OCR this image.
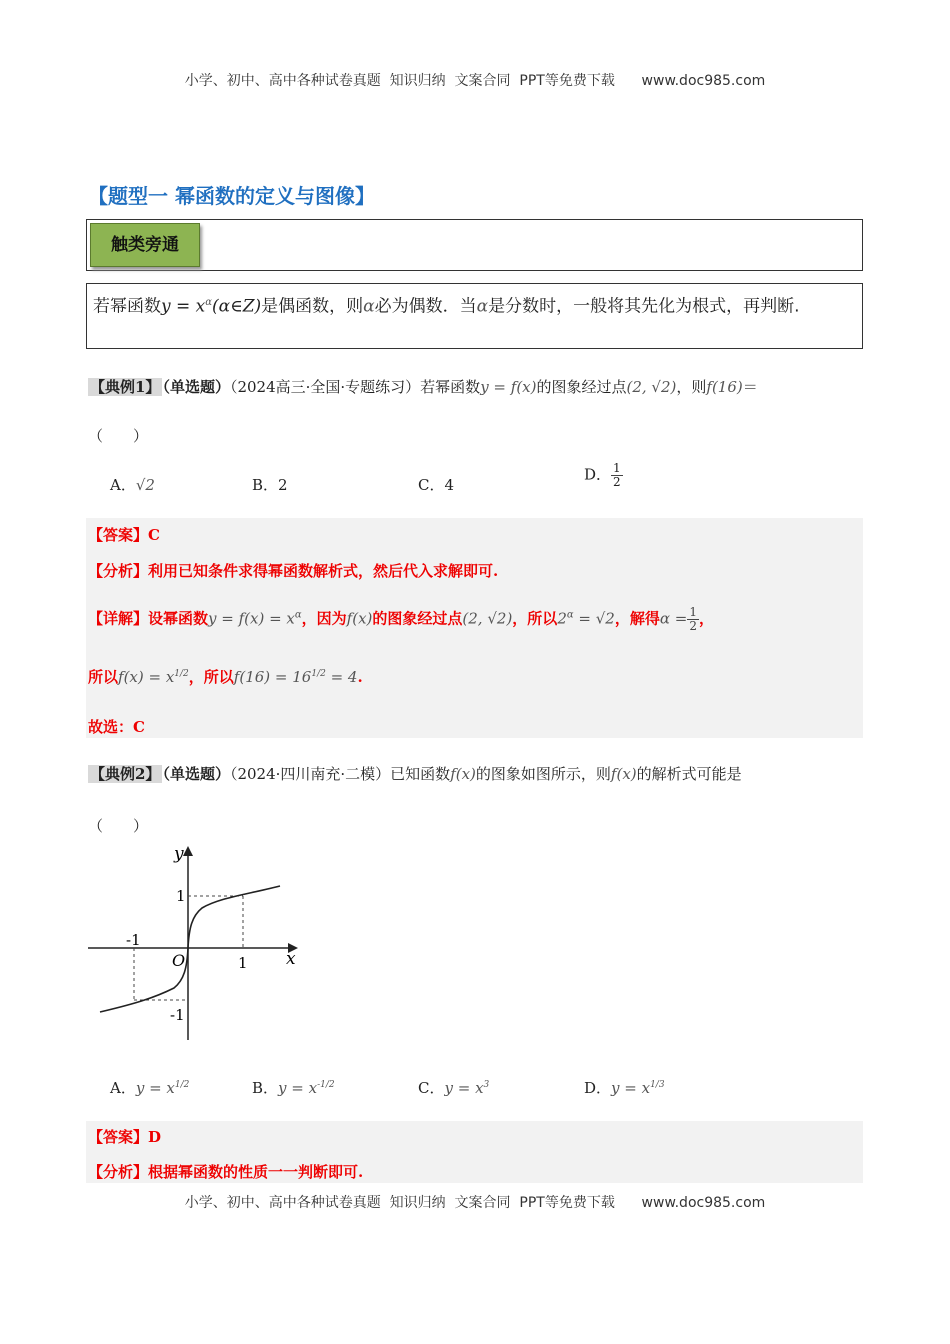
小学、初中、高中各种试卷真题  知识归纳  文案合同  PPT等免费下载      www.doc985.com
【题型一 幂函数的定义与图像】
触类旁通
若幂函数$y = x^\alpha(\alpha\in Z)$是偶函数，则α必为偶数．当α是分数时，一般将其先化为根式，再判断.
【典例1】 （单选题）（2024高三·全国·专题练习）若幂函数y = f(x)的图象经过点(2, √2)，则f(16)＝
（　　）
A．√2	B．2	C．4
D． $\frac{1}{2}$
【答案】C
【分析】利用已知条件求得幂函数解析式，然后代入求解即可.
【详解】设幂函数$y = f(x) = x^\alpha$，因为f(x)的图象经过点(2, √2)，所以$2^\alpha = √2$，解得$\alpha = \frac{1}{2}$ ，
所以$f(x) = x^{1/2}$，所以$f(16) = 16^{1/2} = 4$.
故选：C
【典例2】 （单选题）（2024·四川南充·二模）已知函数f(x)的图象如图所示，则f(x)的解析式可能是
（　　）
y
x
O	1
-1
1
-1
A．$y = x^{1/2}$	B．$y = x^{-1/2}$	C．$y = x^3$	D．$y = x^{1/3}$
【答案】D
【分析】根据幂函数的性质一一判断即可.
小学、初中、高中各种试卷真题  知识归纳  文案合同  PPT等免费下载      www.doc985.com
